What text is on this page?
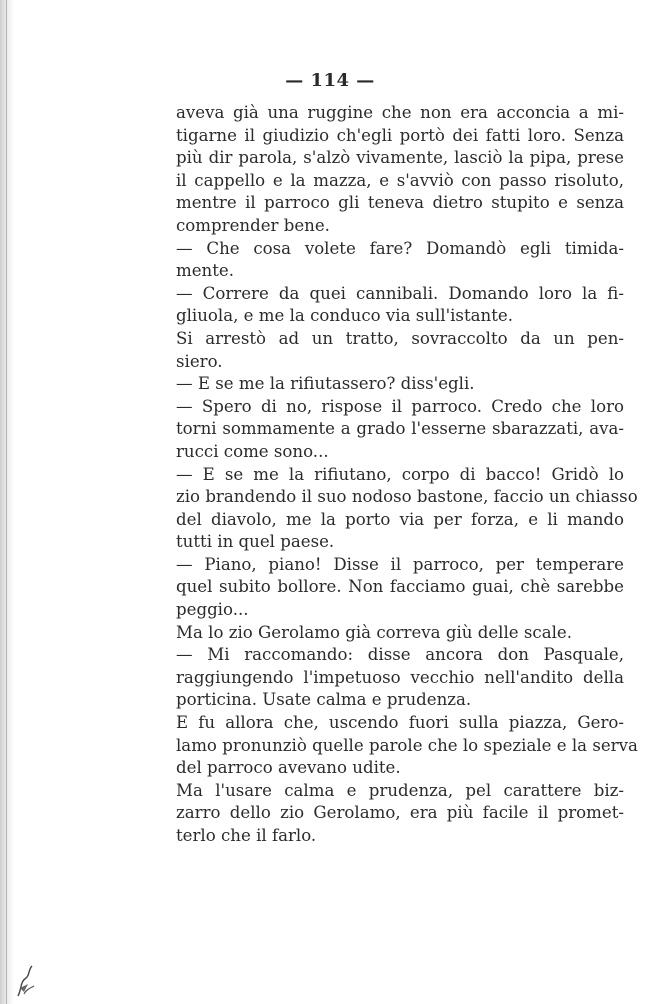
— 114 —

aveva già una ruggine che non era acconcia a mi-
tigarne il giudizio ch'egli portò dei fatti loro. Senza
più dir parola, s'alzò vivamente, lasciò la pipa, prese
il cappello e la mazza, e s'avviò con passo risoluto,
mentre il parroco gli teneva dietro stupito e senza
comprender bene.

— Che cosa volete fare? Domandò egli timida-
mente.

— Correre da quei cannibali. Domando loro la fi-
gliuola, e me la conduco via sull'istante.

Si arrestò ad un tratto, sovraccolto da un pen-
siero.

— E se me la rifiutassero? diss'egli.

— Spero di no, rispose il parroco. Credo che loro
torni sommamente a grado l'esserne sbarazzati, ava-
rucci come sono...

— E se me la rifiutano, corpo di bacco! Gridò lo
zio brandendo il suo nodoso bastone, faccio un chiasso
del diavolo, me la porto via per forza, e li mando
tutti in quel paese.

— Piano, piano! Disse il parroco, per temperare
quel subito bollore. Non facciamo guai, chè sarebbe
peggio...

Ma lo zio Gerolamo già correva giù delle scale.

— Mi raccomando: disse ancora don Pasquale,
raggiungendo l'impetuoso vecchio nell'andito della
porticina. Usate calma e prudenza.

E fu allora che, uscendo fuori sulla piazza, Gero-
lamo pronunziò quelle parole che lo speziale e la serva
del parroco avevano udite.

Ma l'usare calma e prudenza, pel carattere biz-
zarro dello zio Gerolamo, era più facile il promet-
terlo che il farlo.
